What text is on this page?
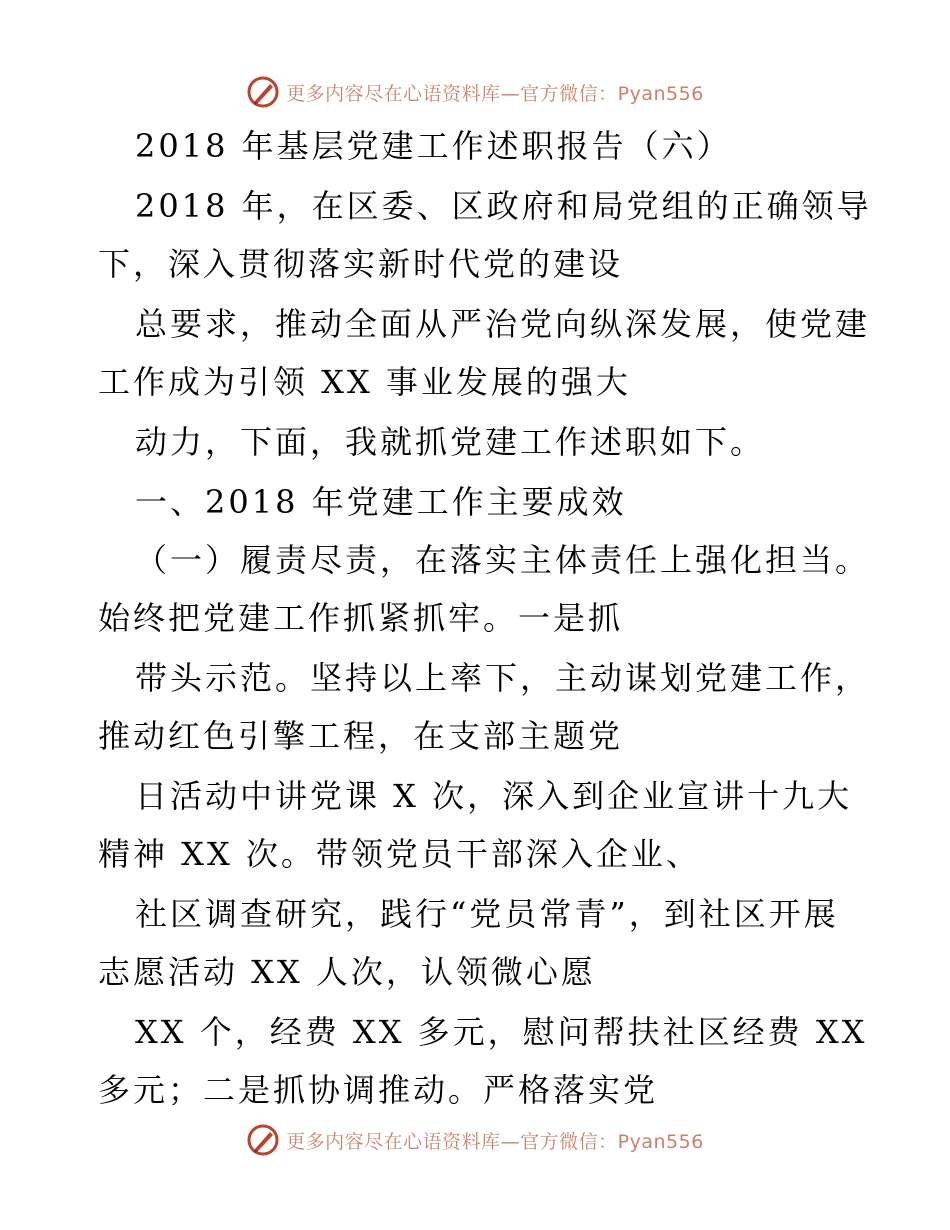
更多内容尽在心语资料库—官方微信：Pyan556
2018 年基层党建工作述职报告（六）
2018 年，在区委、区政府和局党组的正确领导
下，深入贯彻落实新时代党的建设
总要求，推动全面从严治党向纵深发展，使党建
工作成为引领 XX 事业发展的强大
动力，下面，我就抓党建工作述职如下。
一、2018 年党建工作主要成效
（一）履责尽责，在落实主体责任上强化担当。
始终把党建工作抓紧抓牢。一是抓
带头示范。坚持以上率下，主动谋划党建工作，
推动红色引擎工程，在支部主题党
日活动中讲党课 X 次，深入到企业宣讲十九大
精神 XX 次。带领党员干部深入企业、
社区调查研究，践行“党员常青”，到社区开展
志愿活动 XX 人次，认领微心愿
XX 个，经费 XX 多元，慰问帮扶社区经费 XX
多元；二是抓协调推动。严格落实党
更多内容尽在心语资料库—官方微信：Pyan556
